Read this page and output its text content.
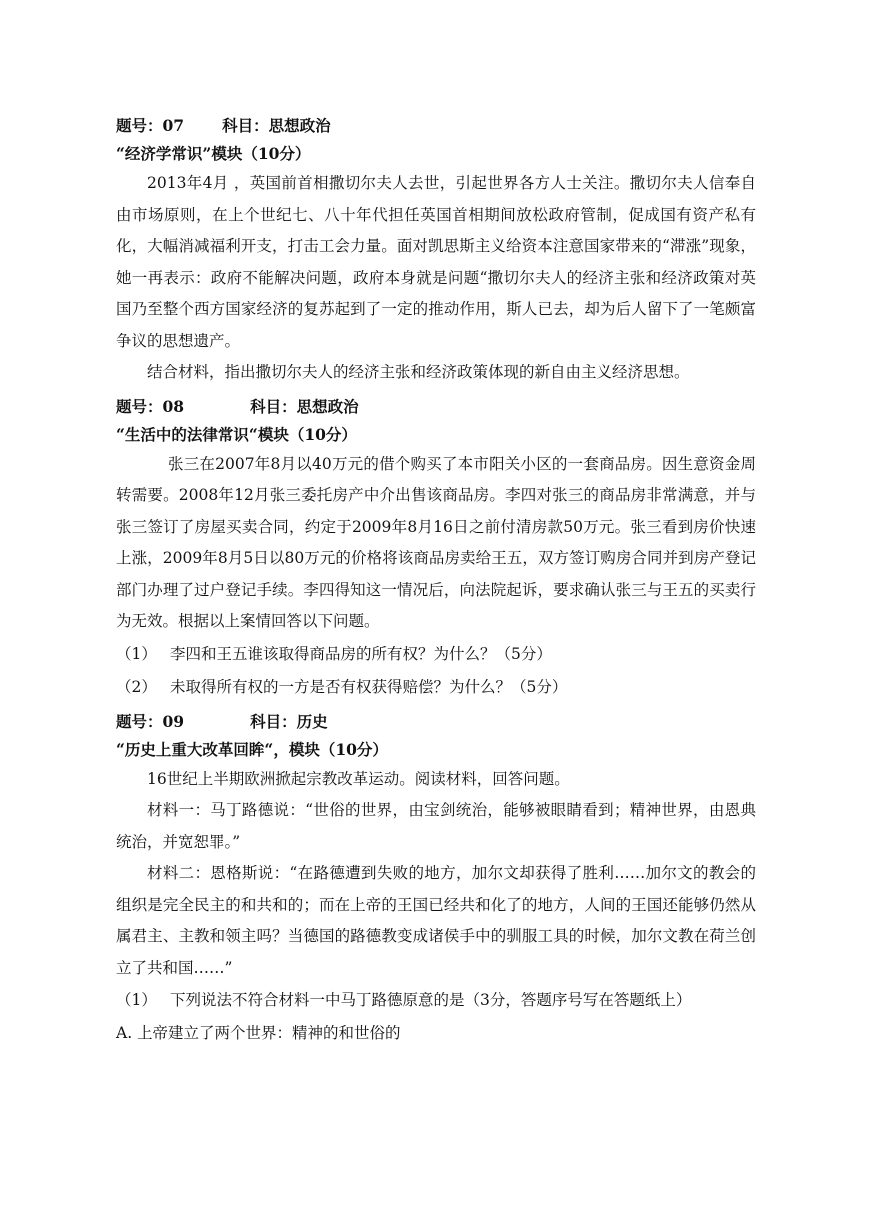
题号：07 科目：思想政治
“经济学常识”模块（10分）

2013年4月 ，英国前首相撒切尔夫人去世，引起世界各方人士关注。撒切尔夫人信奉自由市场原则，在上个世纪七、八十年代担任英国首相期间放松政府管制，促成国有资产私有化，大幅消减福利开支，打击工会力量。面对凯思斯主义给资本注意国家带来的“滞涨”现象，她一再表示：政府不能解决问题，政府本身就是问题“撒切尔夫人的经济主张和经济政策对英国乃至整个西方国家经济的复苏起到了一定的推动作用，斯人已去，却为后人留下了一笔颇富争议的思想遗产。

结合材料，指出撒切尔夫人的经济主张和经济政策体现的新自由主义经济思想。

题号：08	科目：思想政治
“生活中的法律常识“模块（10分）

张三在2007年8月以40万元的借个购买了本市阳关小区的一套商品房。因生意资金周转需要。2008年12月张三委托房产中介出售该商品房。李四对张三的商品房非常满意，并与张三签订了房屋买卖合同，约定于2009年8月16日之前付清房款50万元。张三看到房价快速上涨，2009年8月5日以80万元的价格将该商品房卖给王五，双方签订购房合同并到房产登记部门办理了过户登记手续。李四得知这一情况后，向法院起诉，要求确认张三与王五的买卖行为无效。根据以上案情回答以下问题。

（1） 李四和王五谁该取得商品房的所有权？为什么？（5分）
（2） 未取得所有权的一方是否有权获得赔偿？为什么？（5分）
题号：09	科目：历史
“历史上重大改革回眸“，模块（10分）

16世纪上半期欧洲掀起宗教改革运动。阅读材料，回答问题。

材料一：马丁路德说：“世俗的世界，由宝剑统治，能够被眼睛看到；精神世界，由恩典统治，并宽恕罪。”

材料二：恩格斯说：“在路德遭到失败的地方，加尔文却获得了胜利……加尔文的教会的组织是完全民主的和共和的；而在上帝的王国已经共和化了的地方，人间的王国还能够仍然从属君主、主教和领主吗？当德国的路德教变成诸侯手中的驯服工具的时候，加尔文教在荷兰创立了共和国……”

（1） 下列说法不符合材料一中马丁路德原意的是（3分，答题序号写在答题纸上）
A. 上帝建立了两个世界：精神的和世俗的
